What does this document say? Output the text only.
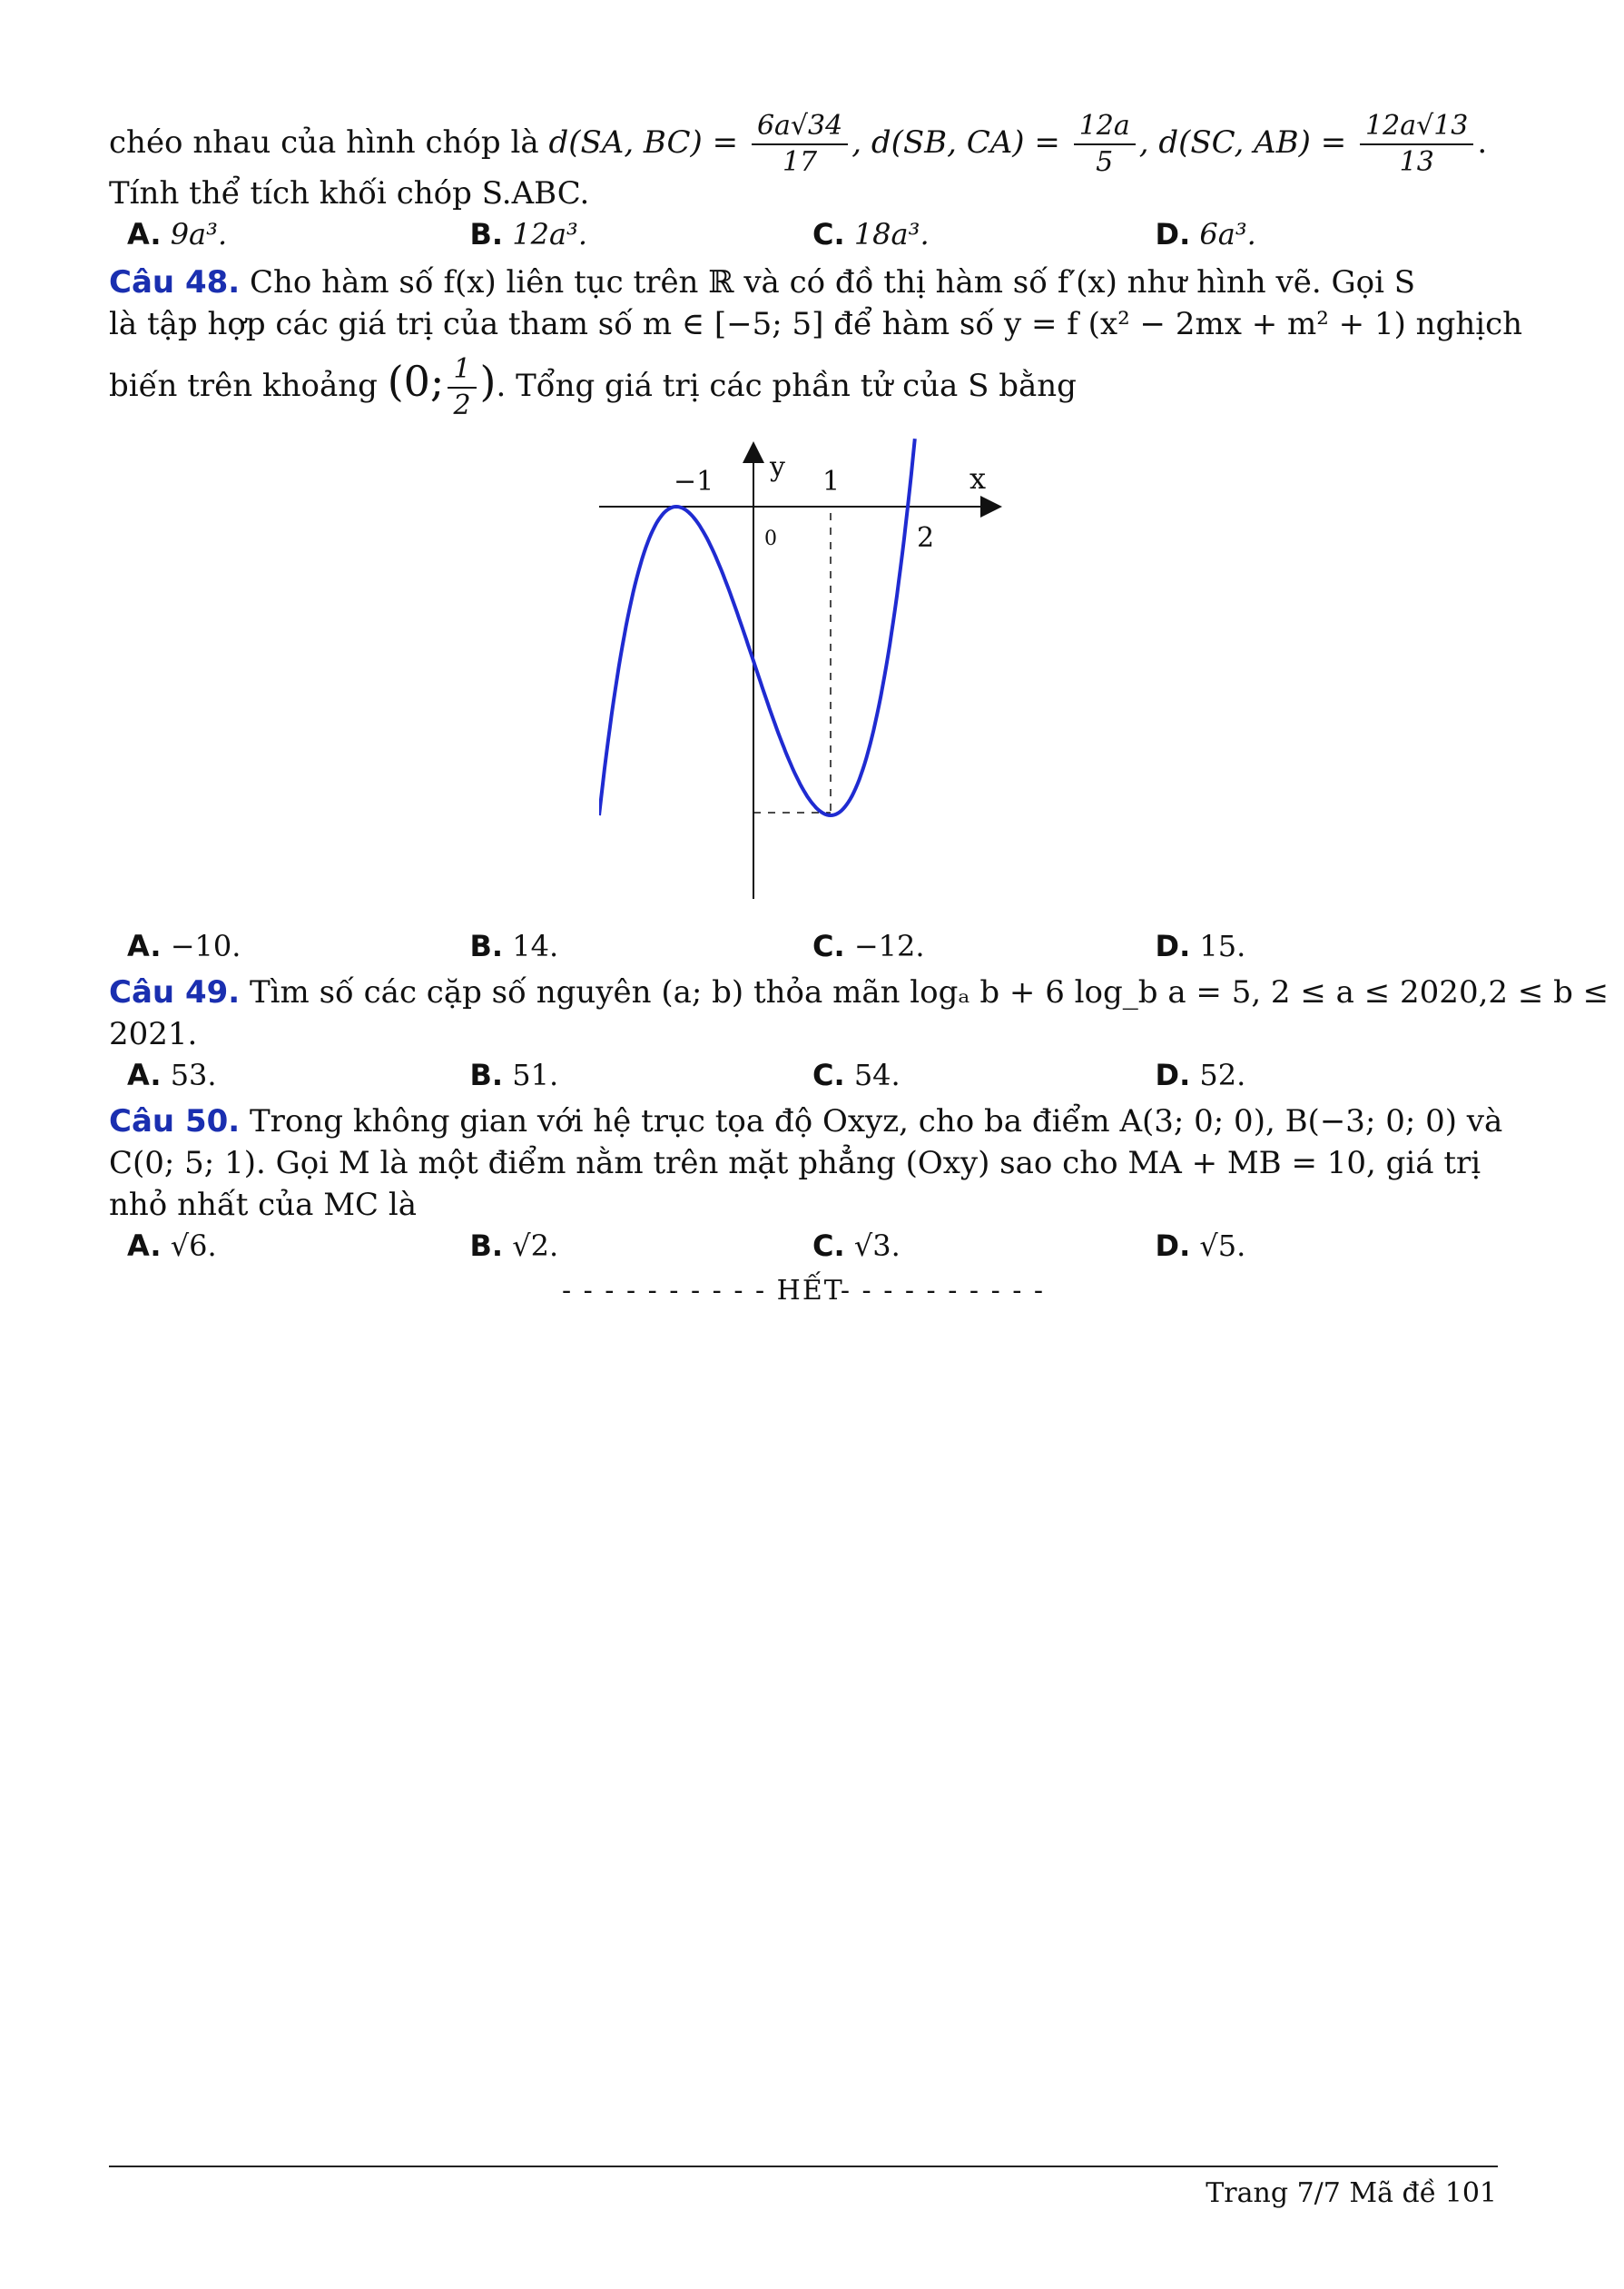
chéo nhau của hình chóp là d(SA, $BC) = \frac{6a√34}{17}$ , d(SB, $CA) = \frac{12a}{5}$ , d(SC, $AB) = \frac{12a√13}{13}$ .
Tính thể tích khối chóp S.ABC.
A. 9a³.	B. 12a³.	C. 18a³.	D. 6a³.
Câu 48. Cho hàm số f(x) liên tục trên ℝ và có đồ thị hàm số f′(x) như hình vẽ. Gọi S
là tập hợp các giá trị của tham số m ∈ [−5; 5] để hàm số y = f (x² − 2mx + m² + 1) nghịch
biến trên khoảng (0; $\frac{1}{2}$ ). Tổng giá trị các phần tử của S bằng
−1 y 1	x
0	2
A. −10.	B. 14.	C. −12.	D. 15.
Câu 49. Tìm số các cặp số nguyên (a; b) thỏa mãn logₐ b + 6 log_b a = 5, 2 ≤ a ≤ 2020,2 ≤ b ≤
2021.
A. 53.	B. 51.	C. 54.	D. 52.
Câu 50. Trong không gian với hệ trục tọa độ Oxyz, cho ba điểm A(3; 0; 0), B(−3; 0; 0) và
C(0; 5; 1). Gọi M là một điểm nằm trên mặt phẳng (Oxy) sao cho MA + MB = 10, giá trị
nhỏ nhất của MC là
A. √6.	B. √2.	C. √3.	D. √5.
- - - - - - - - - - HẾT- - - - - - - - - -
Trang 7/7 Mã đề 101
